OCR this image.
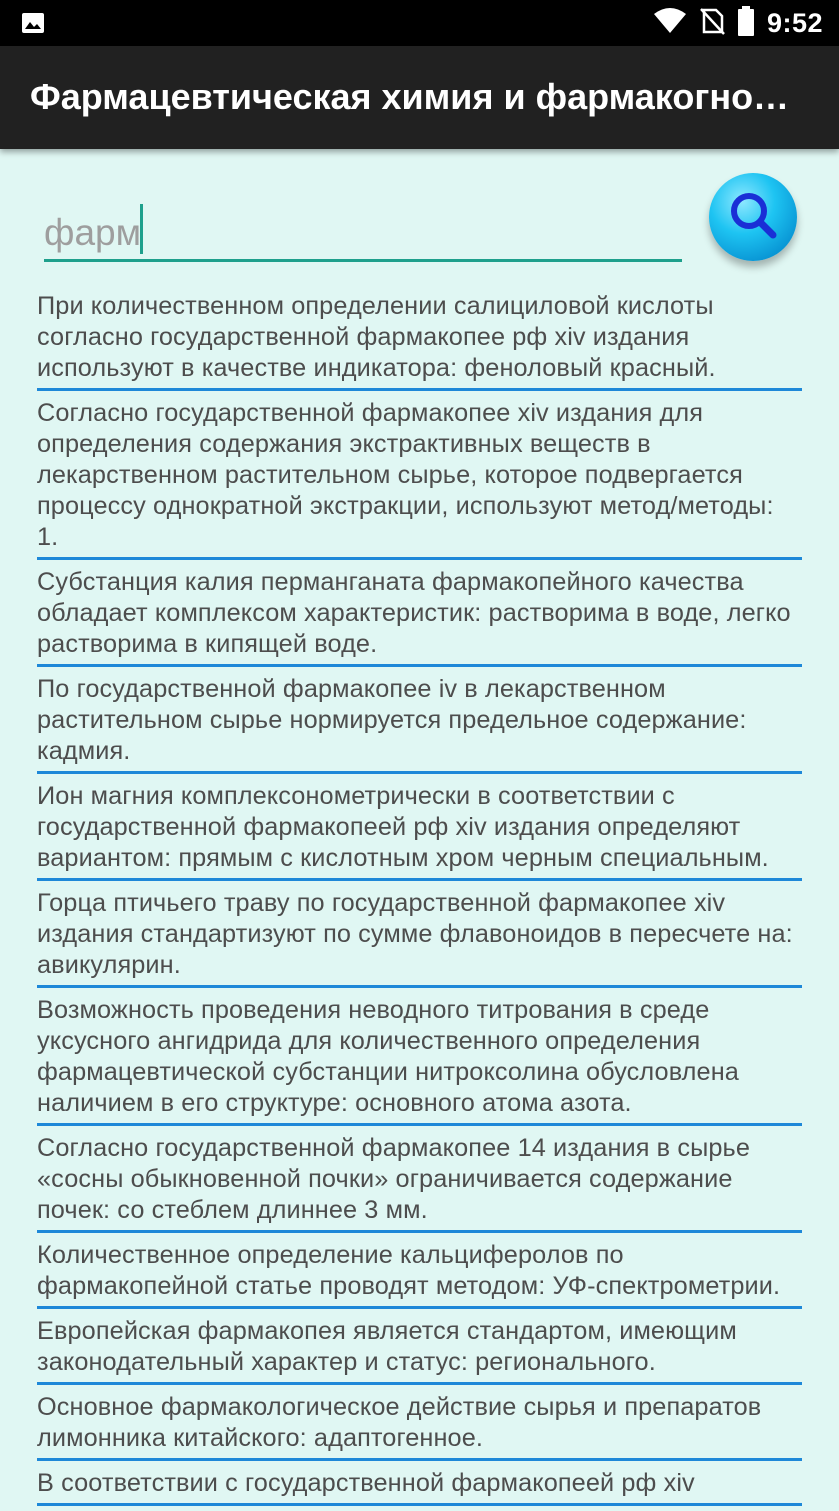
9:52
Фармацевтическая химия и фармакогно…
фарм
При количественном определении салициловой кислоты согласно государственной фармакопее рф xiv издания используют в качестве индикатора: феноловый красный.
Согласно государственной фармакопее xiv издания для определения содержания экстрактивных веществ в лекарственном растительном сырье, которое подвергается процессу однократной экстракции, используют метод/методы: 1.
Субстанция калия перманганата фармакопейного качества обладает комплексом характеристик: растворима в воде, легко растворима в кипящей воде.
По государственной фармакопее iv в лекарственном растительном сырье нормируется предельное содержание: кадмия.
Ион магния комплексонометрически в соответствии с государственной фармакопеей рф xiv издания определяют вариантом: прямым с кислотным хром черным специальным.
Горца птичьего траву по государственной фармакопее xiv издания стандартизуют по сумме флавоноидов в пересчете на: авикулярин.
Возможность проведения неводного титрования в среде уксусного ангидрида для количественного определения фармацевтической субстанции нитроксолина обусловлена наличием в его структуре: основного атома азота.
Согласно государственной фармакопее 14 издания в сырье «сосны обыкновенной почки» ограничивается содержание почек: со стеблем длиннее 3 мм.
Количественное определение кальциферолов по фармакопейной статье проводят методом: УФ-спектрометрии.
Европейская фармакопея является стандартом, имеющим законодательный характер и статус: регионального.
Основное фармакологическое действие сырья и препаратов лимонника китайского: адаптогенное.
В соответствии с государственной фармакопеей рф xiv
